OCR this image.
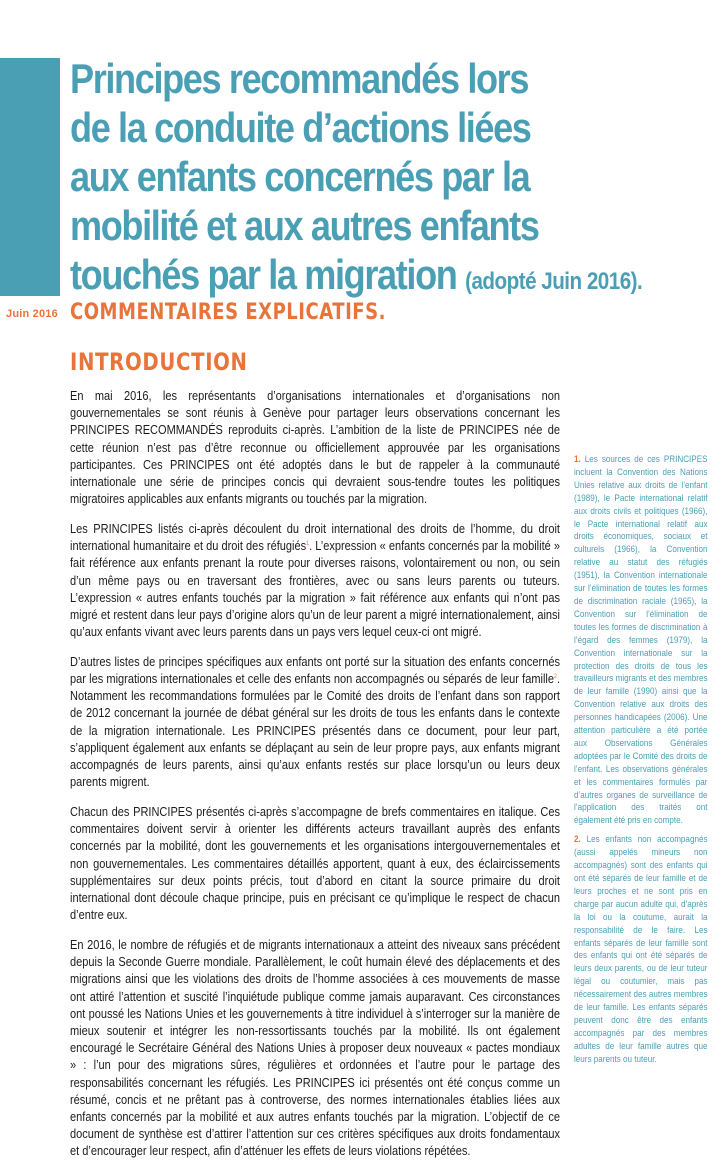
Principes recommandés lors
de la conduite d’actions liées
aux enfants concernés par la
mobilité et aux autres enfants
touchés par la migration (adopté Juin 2016).
Juin 2016 COMMENTAIRES EXPLICATIFS.
INTRODUCTION

En mai 2016, les représentants d’organisations internationales et d’organisations non gouvernementales se sont réunis à Genève pour partager leurs observations concernant les PRINCIPES RECOMMANDÉS reproduits ci-après. L’ambition de la liste de PRINCIPES née de cette réunion n’est pas d’être reconnue ou officiellement approuvée par les organisations participantes. Ces PRINCIPES ont été adoptés dans le but de rappeler à la communauté internationale une série de principes concis qui devraient sous-tendre toutes les politiques migratoires applicables aux enfants migrants ou touchés par la migration.

Les PRINCIPES listés ci-après découlent du droit international des droits de l’homme, du droit international humanitaire et du droit des réfugiés$^1$. L’expression « enfants concernés par la mobilité » fait référence aux enfants prenant la route pour diverses raisons, volontairement ou non, ou sein d’un même pays ou en traversant des frontières, avec ou sans leurs parents ou tuteurs. L’expression « autres enfants touchés par la migration » fait référence aux enfants qui n’ont pas migré et restent dans leur pays d’origine alors qu’un de leur parent a migré internationalement, ainsi qu’aux enfants vivant avec leurs parents dans un pays vers lequel ceux-ci ont migré.

D’autres listes de principes spécifiques aux enfants ont porté sur la situation des enfants concernés par les migrations internationales et celle des enfants non accompagnés ou séparés de leur famille$^2$. Notamment les recommandations formulées par le Comité des droits de l’enfant dans son rapport de 2012 concernant la journée de débat général sur les droits de tous les enfants dans le contexte de la migration internationale. Les PRINCIPES présentés dans ce document, pour leur part, s’appliquent également aux enfants se déplaçant au sein de leur propre pays, aux enfants migrant accompagnés de leurs parents, ainsi qu’aux enfants restés sur place lorsqu’un ou leurs deux parents migrent.

Chacun des PRINCIPES présentés ci-après s’accompagne de brefs commentaires en italique. Ces commentaires doivent servir à orienter les différents acteurs travaillant auprès des enfants concernés par la mobilité, dont les gouvernements et les organisations intergouvernementales et non gouvernementales. Les commentaires détaillés apportent, quant à eux, des éclaircissements supplémentaires sur deux points précis, tout d’abord en citant la source primaire du droit international dont découle chaque principe, puis en précisant ce qu’implique le respect de chacun d’entre eux.

En 2016, le nombre de réfugiés et de migrants internationaux a atteint des niveaux sans précédent depuis la Seconde Guerre mondiale. Parallèlement, le coût humain élevé des déplacements et des migrations ainsi que les violations des droits de l’homme associées à ces mouvements de masse ont attiré l’attention et suscité l’inquiétude publique comme jamais auparavant. Ces circonstances ont poussé les Nations Unies et les gouvernements à titre individuel à s’interroger sur la manière de mieux soutenir et intégrer les non-ressortissants touchés par la mobilité. Ils ont également encouragé le Secrétaire Général des Nations Unies à proposer deux nouveaux « pactes mondiaux » : l’un pour des migrations sûres, régulières et ordonnées et l’autre pour le partage des responsabilités concernant les réfugiés. Les PRINCIPES ici présentés ont été conçus comme un résumé, concis et ne prêtant pas à controverse, des normes internationales établies liées aux enfants concernés par la mobilité et aux autres enfants touchés par la migration. L’objectif de ce document de synthèse est d’attirer l’attention sur ces critères spécifiques aux droits fondamentaux et d’encourager leur respect, afin d’atténuer les effets de leurs violations répétées.

1. Les sources de ces PRINCIPES incluent la Convention des Nations Unies relative aux droits de l’enfant (1989), le Pacte international relatif aux droits civils et politiques (1966), le Pacte international relatif aux droits économiques, sociaux et culturels (1966), la Convention relative au statut des réfugiés (1951), la Convention internationale sur l’élimination de toutes les formes de discrimination raciale (1965), la Convention sur l’élimination de toutes les formes de discrimination à l’égard des femmes (1979), la Convention internationale sur la protection des droits de tous les travailleurs migrants et des membres de leur famille (1990) ainsi que la Convention relative aux droits des personnes handicapées (2006). Une attention particulière a été portée aux Observations Générales adoptées par le Comité des droits de l’enfant. Les observations générales et les commentaires formulés par d’autres organes de surveillance de l’application des traités ont également été pris en compte.

2. Les enfants non accompagnés (aussi appelés mineurs non accompagnés) sont des enfants qui ont été séparés de leur famille et de leurs proches et ne sont pris en charge par aucun adulte qui, d’après la loi ou la coutume, aurait la responsabilité de le faire. Les enfants séparés de leur famille sont des enfants qui ont été séparés de leurs deux parents, ou de leur tuteur légal ou coutumier, mais pas nécessairement des autres membres de leur famille. Les enfants séparés peuvent donc être des enfants accompagnés par des membres adultes de leur famille autres que leurs parents ou tuteur.
